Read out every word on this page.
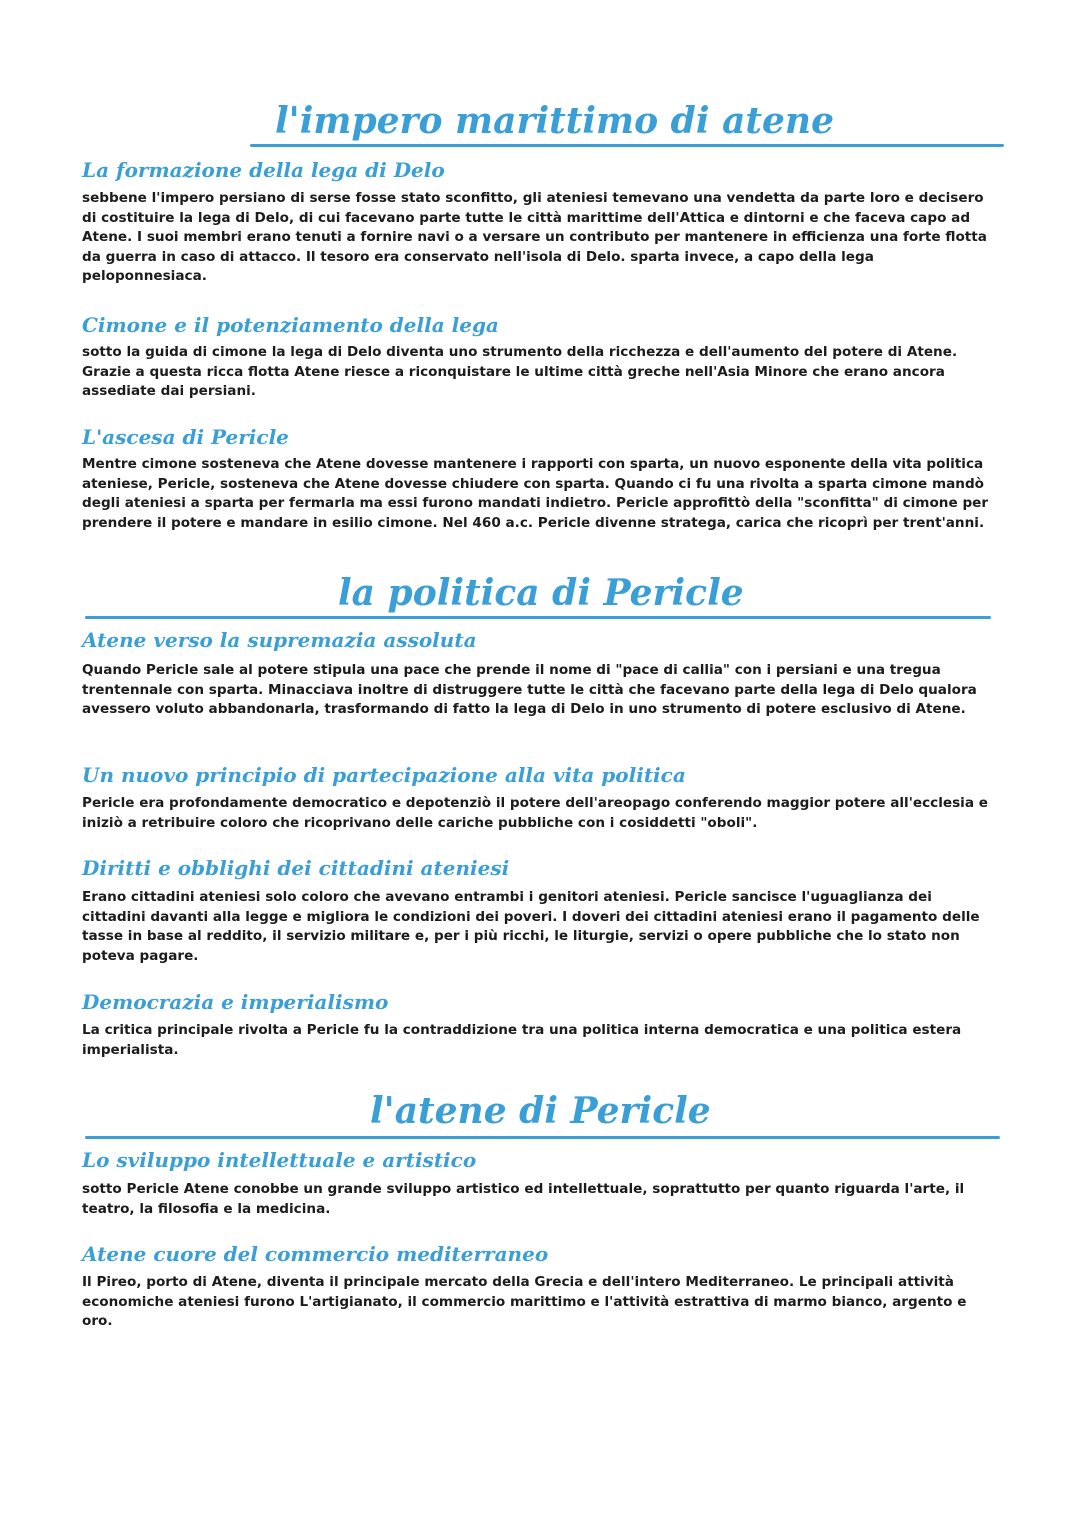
l'impero marittimo di atene
La formazione della lega di Delo

sebbene l'impero persiano di serse fosse stato sconfitto, gli ateniesi temevano una vendetta da parte loro e decisero di costituire la lega di Delo, di cui facevano parte tutte le città marittime dell'Attica e dintorni e che faceva capo ad Atene. I suoi membri erano tenuti a fornire navi o a versare un contributo per mantenere in efficienza una forte flotta da guerra in caso di attacco. Il tesoro era conservato nell'isola di Delo. sparta invece, a capo della lega peloponnesiaca.

Cimone e il potenziamento della lega

sotto la guida di cimone la lega di Delo diventa uno strumento della ricchezza e dell'aumento del potere di Atene. Grazie a questa ricca flotta Atene riesce a riconquistare le ultime città greche nell'Asia Minore che erano ancora assediate dai persiani.

L'ascesa di Pericle

Mentre cimone sosteneva che Atene dovesse mantenere i rapporti con sparta, un nuovo esponente della vita politica ateniese, Pericle, sosteneva che Atene dovesse chiudere con sparta. Quando ci fu una rivolta a sparta cimone mandò degli ateniesi a sparta per fermarla ma essi furono mandati indietro. Pericle approfittò della "sconfitta" di cimone per prendere il potere e mandare in esilio cimone. Nel 460 a.c. Pericle divenne stratega, carica che ricoprì per trent'anni.

la politica di Pericle
Atene verso la supremazia assoluta

Quando Pericle sale al potere stipula una pace che prende il nome di "pace di callia" con i persiani e una tregua trentennale con sparta. Minacciava inoltre di distruggere tutte le città che facevano parte della lega di Delo qualora avessero voluto abbandonarla, trasformando di fatto la lega di Delo in uno strumento di potere esclusivo di Atene.

Un nuovo principio di partecipazione alla vita politica

Pericle era profondamente democratico e depotenziò il potere dell'areopago conferendo maggior potere all'ecclesia e iniziò a retribuire coloro che ricoprivano delle cariche pubbliche con i cosiddetti "oboli".

Diritti e obblighi dei cittadini ateniesi

Erano cittadini ateniesi solo coloro che avevano entrambi i genitori ateniesi. Pericle sancisce l'uguaglianza dei cittadini davanti alla legge e migliora le condizioni dei poveri. I doveri dei cittadini ateniesi erano il pagamento delle tasse in base al reddito, il servizio militare e, per i più ricchi, le liturgie, servizi o opere pubbliche che lo stato non poteva pagare.

Democrazia e imperialismo

La critica principale rivolta a Pericle fu la contraddizione tra una politica interna democratica e una politica estera imperialista.

l'atene di Pericle
Lo sviluppo intellettuale e artistico

sotto Pericle Atene conobbe un grande sviluppo artistico ed intellettuale, soprattutto per quanto riguarda l'arte, il teatro, la filosofia e la medicina.

Atene cuore del commercio mediterraneo

Il Pireo, porto di Atene, diventa il principale mercato della Grecia e dell'intero Mediterraneo. Le principali attività economiche ateniesi furono L'artigianato, il commercio marittimo e l'attività estrattiva di marmo bianco, argento e oro.
